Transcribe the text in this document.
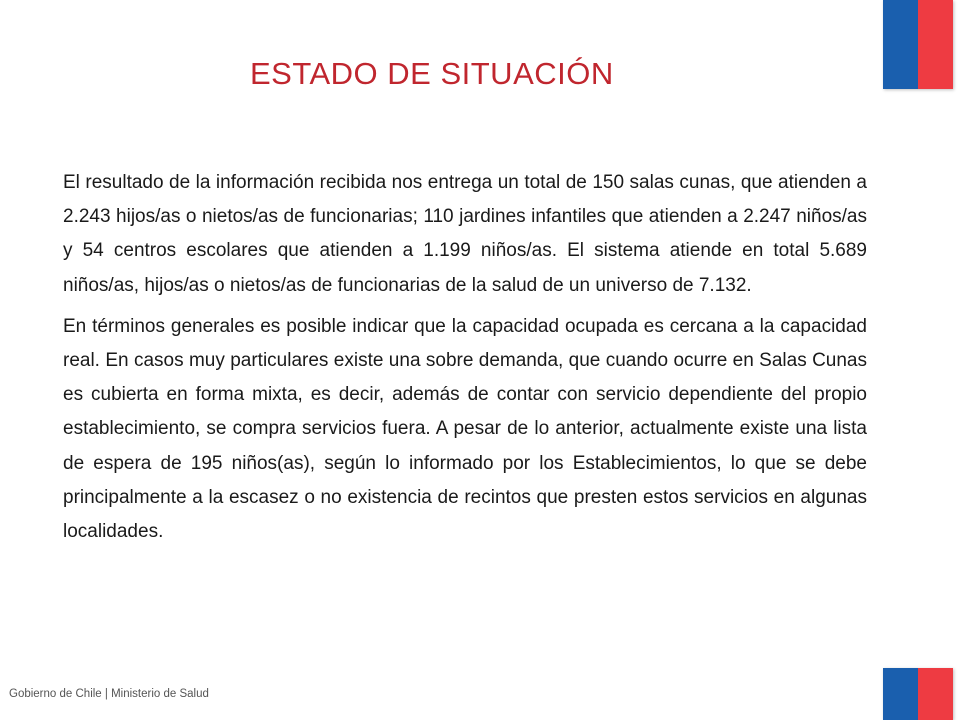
ESTADO DE SITUACIÓN

El resultado de la información recibida nos entrega un total de 150 salas cunas, que atienden a 2.243 hijos/as o nietos/as de funcionarias; 110 jardines infantiles que atienden a 2.247 niños/as y 54 centros escolares que atienden a 1.199 niños/as. El sistema atiende en total 5.689 niños/as, hijos/as o nietos/as de funcionarias de la salud de un universo de 7.132.

En términos generales es posible indicar que la capacidad ocupada es cercana a la capacidad real. En casos muy particulares existe una sobre demanda, que cuando ocurre en Salas Cunas es cubierta en forma mixta, es decir, además de contar con servicio dependiente del propio establecimiento, se compra servicios fuera. A pesar de lo anterior, actualmente existe una lista de espera de 195 niños(as), según lo informado por los Establecimientos, lo que se debe principalmente a la escasez o no existencia de recintos que presten estos servicios en algunas localidades.

Gobierno de Chile | Ministerio de Salud
